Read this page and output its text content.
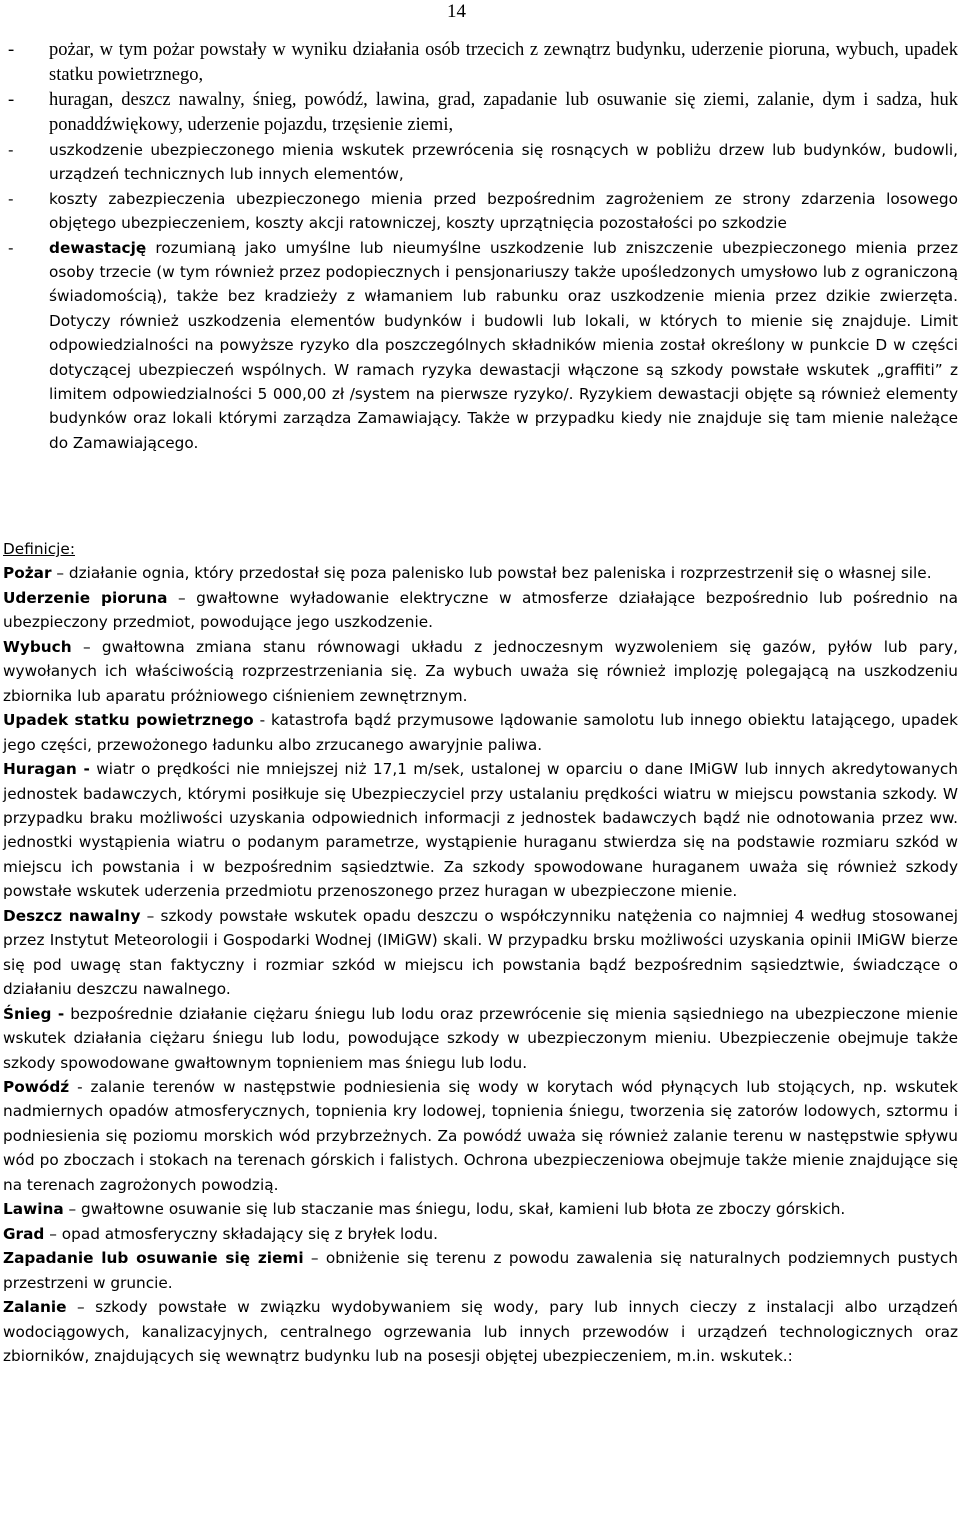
14
- pożar, w tym pożar powstały w wyniku działania osób trzecich z zewnątrz budynku, uderzenie pioruna, wybuch, upadek statku powietrznego,
- huragan, deszcz nawalny, śnieg, powódź, lawina, grad, zapadanie lub osuwanie się ziemi, zalanie, dym i sadza, huk ponaddźwiękowy, uderzenie pojazdu, trzęsienie ziemi,
- uszkodzenie ubezpieczonego mienia wskutek przewrócenia się rosnących w pobliżu drzew lub budynków, budowli, urządzeń technicznych lub innych elementów,
- koszty zabezpieczenia ubezpieczonego mienia przed bezpośrednim zagrożeniem ze strony zdarzenia losowego objętego ubezpieczeniem, koszty akcji ratowniczej, koszty uprzątnięcia pozostałości po szkodzie
- dewastację rozumianą jako umyślne lub nieumyślne uszkodzenie lub zniszczenie ubezpieczonego mienia przez osoby trzecie (w tym również przez podopiecznych i pensjonariuszy także upośledzonych umysłowo lub z ograniczoną świadomością), także bez kradzieży z włamaniem lub rabunku oraz uszkodzenie mienia przez dzikie zwierzęta. Dotyczy również uszkodzenia elementów budynków i budowli lub lokali, w których to mienie się znajduje. Limit odpowiedzialności na powyższe ryzyko dla poszczególnych składników mienia został określony w punkcie D w części dotyczącej ubezpieczeń wspólnych. W ramach ryzyka dewastacji włączone są szkody powstałe wskutek „graffiti” z limitem odpowiedzialności 5 000,00 zł /system na pierwsze ryzyko/. Ryzykiem dewastacji objęte są również elementy budynków oraz lokali którymi zarządza Zamawiający. Także w przypadku kiedy nie znajduje się tam mienie należące do Zamawiającego.

Definicje:

Pożar – działanie ognia, który przedostał się poza palenisko lub powstał bez paleniska i rozprzestrzenił się o własnej sile.

Uderzenie pioruna – gwałtowne wyładowanie elektryczne w atmosferze działające bezpośrednio lub pośrednio na ubezpieczony przedmiot, powodujące jego uszkodzenie.

Wybuch – gwałtowna zmiana stanu równowagi układu z jednoczesnym wyzwoleniem się gazów, pyłów lub pary, wywołanych ich właściwością rozprzestrzeniania się. Za wybuch uważa się również implozję polegającą na uszkodzeniu zbiornika lub aparatu próżniowego ciśnieniem zewnętrznym.

Upadek statku powietrznego - katastrofa bądź przymusowe lądowanie samolotu lub innego obiektu latającego, upadek jego części, przewożonego ładunku albo zrzucanego awaryjnie paliwa.

Huragan - wiatr o prędkości nie mniejszej niż 17,1 m/sek, ustalonej w oparciu o dane IMiGW lub innych akredytowanych jednostek badawczych, którymi posiłkuje się Ubezpieczyciel przy ustalaniu prędkości wiatru w miejscu powstania szkody. W przypadku braku możliwości uzyskania odpowiednich informacji z jednostek badawczych bądź nie odnotowania przez ww. jednostki wystąpienia wiatru o podanym parametrze, wystąpienie huraganu stwierdza się na podstawie rozmiaru szkód w miejscu ich powstania i w bezpośrednim sąsiedztwie. Za szkody spowodowane huraganem uważa się również szkody powstałe wskutek uderzenia przedmiotu przenoszonego przez huragan w ubezpieczone mienie.

Deszcz nawalny – szkody powstałe wskutek opadu deszczu o współczynniku natężenia co najmniej 4 według stosowanej przez Instytut Meteorologii i Gospodarki Wodnej (IMiGW) skali. W przypadku brsku możliwości uzyskania opinii IMiGW bierze się pod uwagę stan faktyczny i rozmiar szkód w miejscu ich powstania bądź bezpośrednim sąsiedztwie, świadczące o działaniu deszczu nawalnego.

Śnieg - bezpośrednie działanie ciężaru śniegu lub lodu oraz przewrócenie się mienia sąsiedniego na ubezpieczone mienie wskutek działania ciężaru śniegu lub lodu, powodujące szkody w ubezpieczonym mieniu. Ubezpieczenie obejmuje także szkody spowodowane gwałtownym topnieniem mas śniegu lub lodu.

Powódź - zalanie terenów w następstwie podniesienia się wody w korytach wód płynących lub stojących, np. wskutek nadmiernych opadów atmosferycznych, topnienia kry lodowej, topnienia śniegu, tworzenia się zatorów lodowych, sztormu i podniesienia się poziomu morskich wód przybrzeżnych. Za powódź uważa się również zalanie terenu w następstwie spływu wód po zboczach i stokach na terenach górskich i falistych. Ochrona ubezpieczeniowa obejmuje także mienie znajdujące się na terenach zagrożonych powodzią.

Lawina – gwałtowne osuwanie się lub staczanie mas śniegu, lodu, skał, kamieni lub błota ze zboczy górskich.

Grad – opad atmosferyczny składający się z bryłek lodu.

Zapadanie lub osuwanie się ziemi – obniżenie się terenu z powodu zawalenia się naturalnych podziemnych pustych przestrzeni w gruncie.

Zalanie – szkody powstałe w związku wydobywaniem się wody, pary lub innych cieczy z instalacji albo urządzeń wodociągowych, kanalizacyjnych, centralnego ogrzewania lub innych przewodów i urządzeń technologicznych oraz zbiorników, znajdujących się wewnątrz budynku lub na posesji objętej ubezpieczeniem, m.in. wskutek.:
